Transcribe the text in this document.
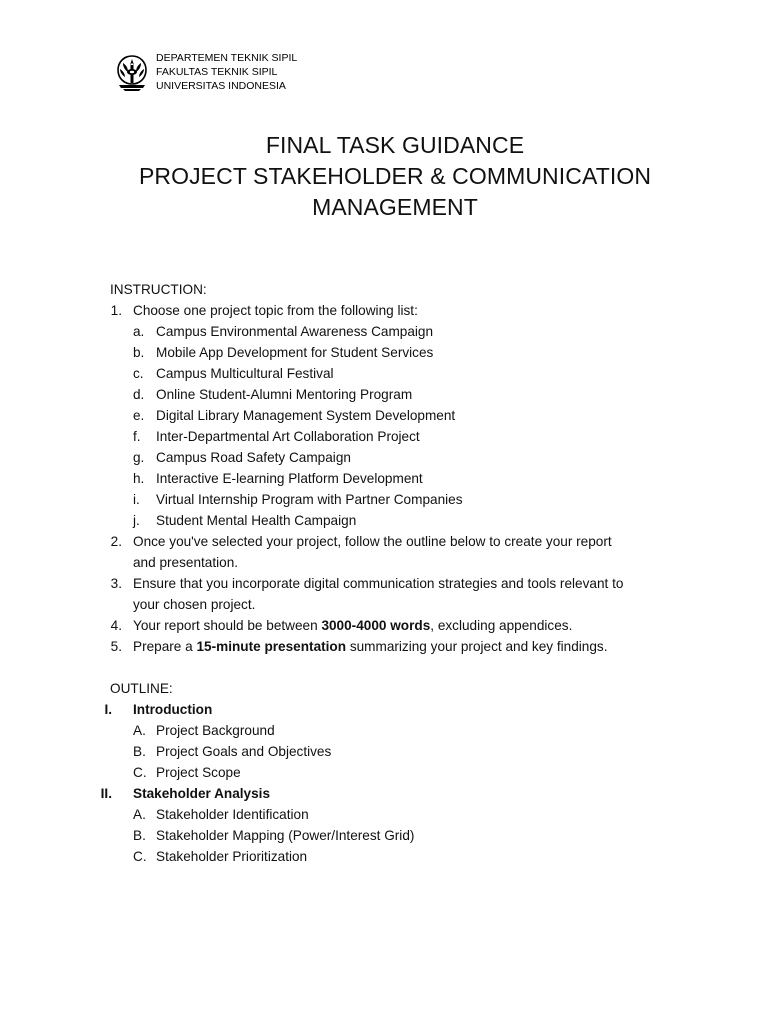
DEPARTEMEN TEKNIK SIPIL
FAKULTAS TEKNIK SIPIL
UNIVERSITAS INDONESIA
FINAL TASK GUIDANCE
PROJECT STAKEHOLDER & COMMUNICATION
MANAGEMENT
INSTRUCTION:
1. Choose one project topic from the following list:
a. Campus Environmental Awareness Campaign
b. Mobile App Development for Student Services
c. Campus Multicultural Festival
d. Online Student-Alumni Mentoring Program
e. Digital Library Management System Development
f. Inter-Departmental Art Collaboration Project
g. Campus Road Safety Campaign
h. Interactive E-learning Platform Development
i. Virtual Internship Program with Partner Companies
j. Student Mental Health Campaign
2. Once you've selected your project, follow the outline below to create your report
and presentation.
3. Ensure that you incorporate digital communication strategies and tools relevant to
your chosen project.
4. Your report should be between 3000-4000 words, excluding appendices.
5. Prepare a 15-minute presentation summarizing your project and key findings.
OUTLINE:
I. Introduction
A. Project Background
B. Project Goals and Objectives
C. Project Scope
II. Stakeholder Analysis
A. Stakeholder Identification
B. Stakeholder Mapping (Power/Interest Grid)
C. Stakeholder Prioritization
